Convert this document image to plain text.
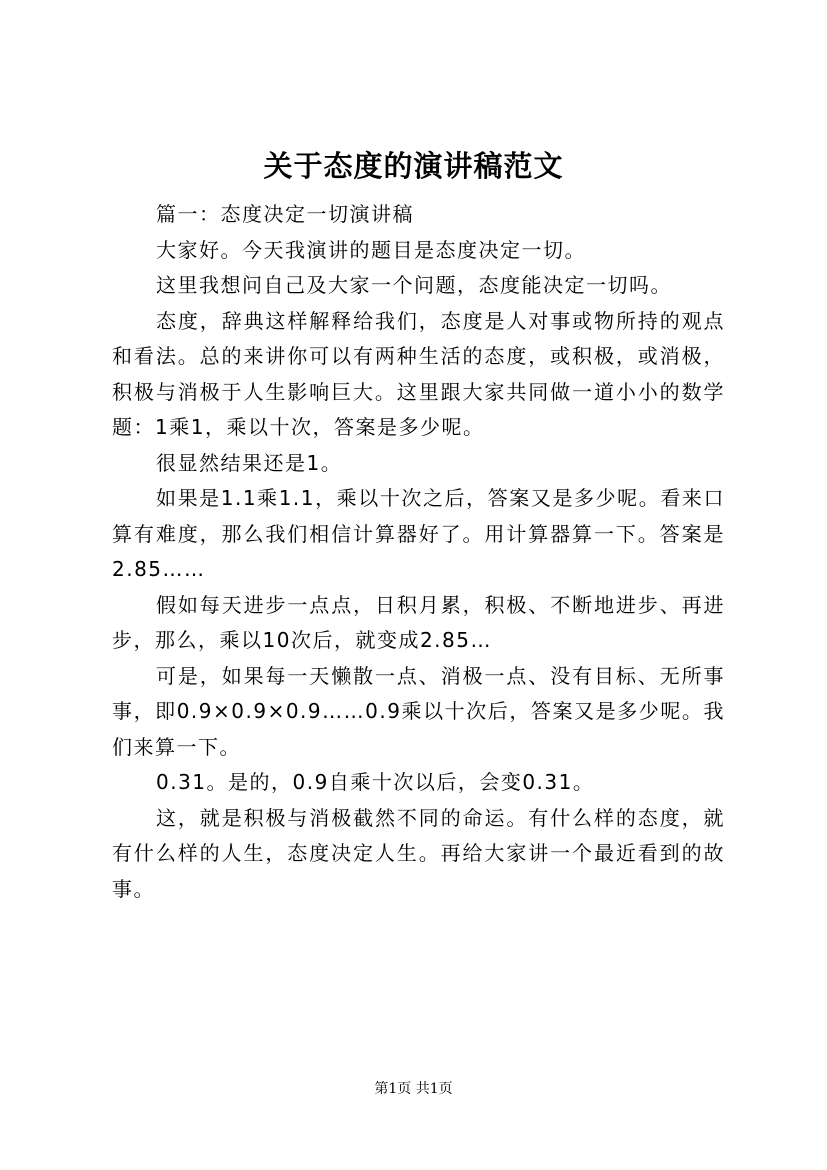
关于态度的演讲稿范文

篇一：态度决定一切演讲稿

大家好。今天我演讲的题目是态度决定一切。

这里我想问自己及大家一个问题，态度能决定一切吗。

态度，辞典这样解释给我们，态度是人对事或物所持的观点和看法。总的来讲你可以有两种生活的态度，或积极，或消极，积极与消极于人生影响巨大。这里跟大家共同做一道小小的数学题：1乘1，乘以十次，答案是多少呢。

很显然结果还是1。

如果是1.1乘1.1，乘以十次之后，答案又是多少呢。看来口算有难度，那么我们相信计算器好了。用计算器算一下。答案是2.85……

假如每天进步一点点，日积月累，积极、不断地进步、再进步，那么，乘以10次后，就变成2.85…

可是，如果每一天懒散一点、消极一点、没有目标、无所事事，即0.9×0.9×0.9……0.9乘以十次后，答案又是多少呢。我们来算一下。

0.31。是的，0.9自乘十次以后，会变0.31。

这，就是积极与消极截然不同的命运。有什么样的态度，就有什么样的人生，态度决定人生。再给大家讲一个最近看到的故事。

第1页 共1页
